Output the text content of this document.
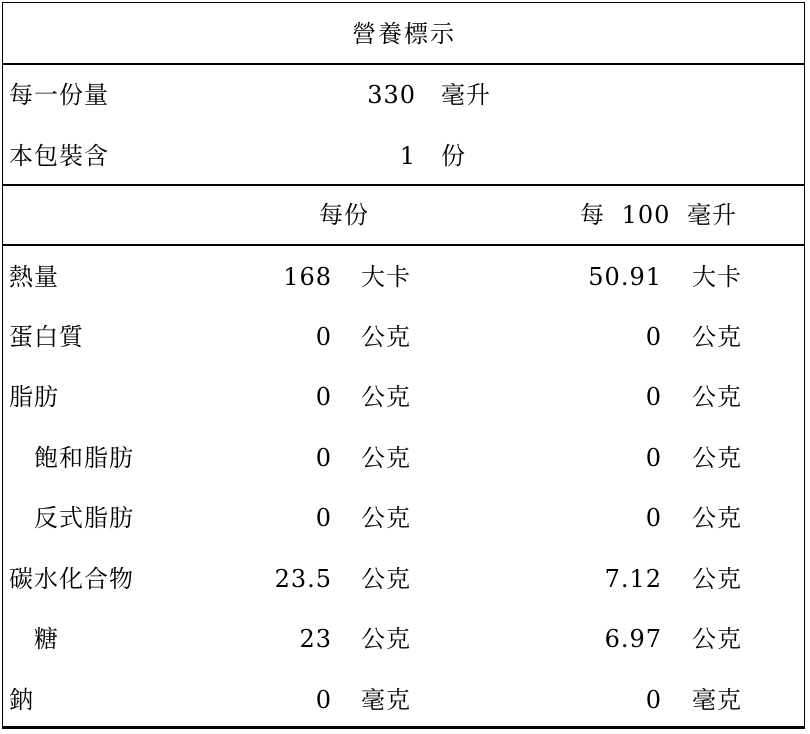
營養標示
每一份量	330 毫升
本包裝含	1 份
每份	每 100 毫升
熱量	168 大卡	50.91 大卡
蛋白質	0 公克	0 公克
脂肪	0 公克	0 公克
飽和脂肪	0 公克	0 公克
反式脂肪	0 公克	0 公克
碳水化合物	23.5 公克	7.12 公克
糖	23 公克	6.97 公克
鈉	0 毫克	0 毫克
